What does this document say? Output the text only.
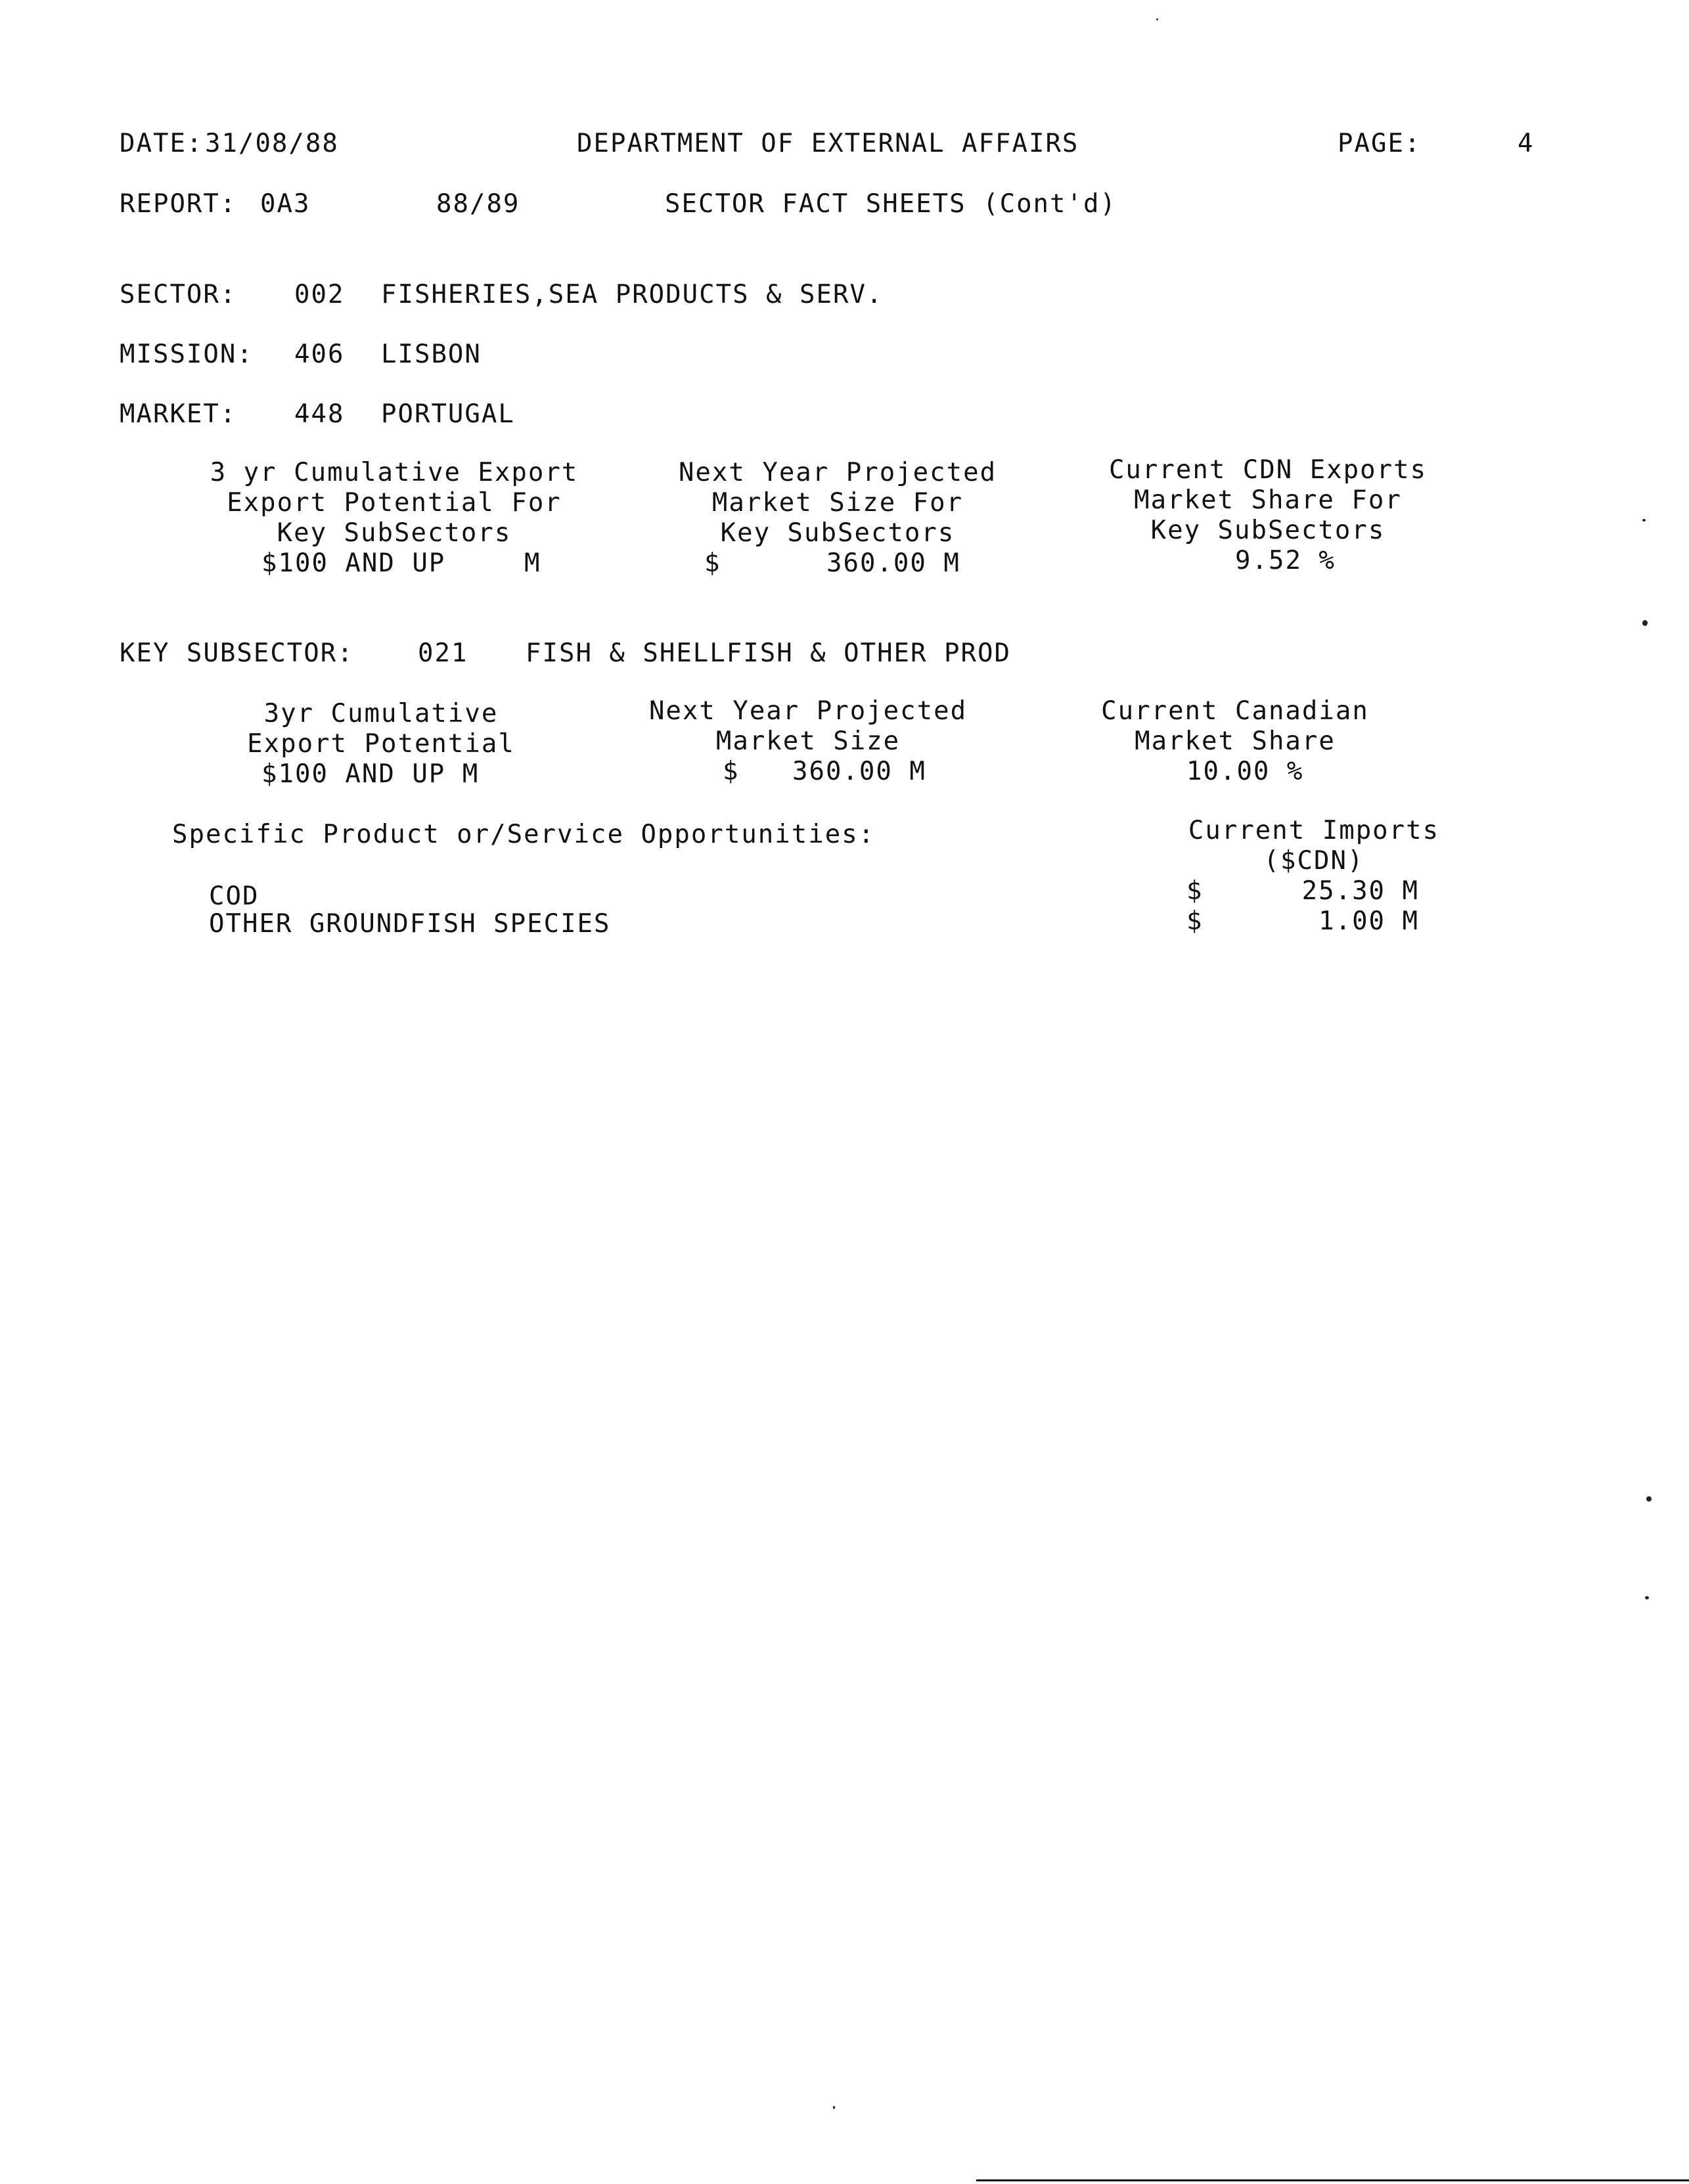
DATE: 31/08/88	DEPARTMENT OF EXTERNAL AFFAIRS	PAGE:	4
REPORT: 0A3	88/89	SECTOR FACT SHEETS (Cont'd)
SECTOR: 002 FISHERIES,SEA PRODUCTS & SERV.
MISSION: 406 LISBON
MARKET: 448 PORTUGAL
3 yr Cumulative Export
Export Potential For
Key SubSectors
$100 AND UP	M
Next Year Projected
Market Size For
Key SubSectors
$	360.00 M
Current CDN Exports
Market Share For
Key SubSectors
9.52 %
KEY SUBSECTOR: 021 FISH & SHELLFISH & OTHER PROD
3yr Cumulative
Export Potential
$100 AND UP M
Next Year Projected
Market Size
$ 360.00 M
Current Canadian
Market Share
10.00 %
Specific Product or/Service Opportunities:	Current Imports
($CDN)
COD	$	25.30 M
OTHER GROUNDFISH SPECIES	$	1.00 M
